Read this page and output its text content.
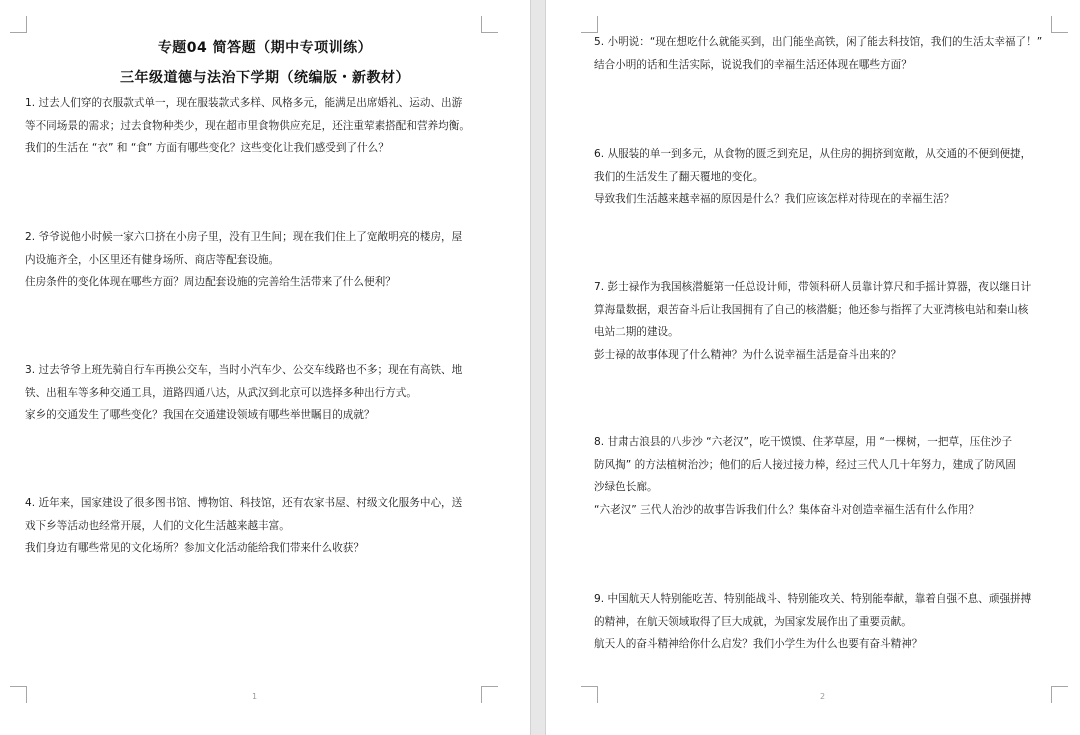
专题04 简答题（期中专项训练）
三年级道德与法治下学期（统编版・新教材）
1. 过去人们穿的衣服款式单一，现在服装款式多样、风格多元，能满足出席婚礼、运动、出游
等不同场景的需求；过去食物种类少，现在超市里食物供应充足，还注重荤素搭配和营养均衡。
我们的生活在 “衣” 和 “食” 方面有哪些变化？这些变化让我们感受到了什么？
2. 爷爷说他小时候一家六口挤在小房子里，没有卫生间；现在我们住上了宽敞明亮的楼房，屋
内设施齐全，小区里还有健身场所、商店等配套设施。
住房条件的变化体现在哪些方面？周边配套设施的完善给生活带来了什么便利？
3. 过去爷爷上班先骑自行车再换公交车，当时小汽车少、公交车线路也不多；现在有高铁、地
铁、出租车等多种交通工具，道路四通八达，从武汉到北京可以选择多种出行方式。
家乡的交通发生了哪些变化？我国在交通建设领域有哪些举世瞩目的成就？
4. 近年来，国家建设了很多图书馆、博物馆、科技馆，还有农家书屋、村级文化服务中心，送
戏下乡等活动也经常开展，人们的文化生活越来越丰富。
我们身边有哪些常见的文化场所？参加文化活动能给我们带来什么收获？
1
5. 小明说：“现在想吃什么就能买到，出门能坐高铁，闲了能去科技馆，我们的生活太幸福了！”
结合小明的话和生活实际，说说我们的幸福生活还体现在哪些方面？
6. 从服装的单一到多元，从食物的匮乏到充足，从住房的拥挤到宽敞，从交通的不便到便捷，
我们的生活发生了翻天覆地的变化。
导致我们生活越来越幸福的原因是什么？我们应该怎样对待现在的幸福生活？
7. 彭士禄作为我国核潜艇第一任总设计师，带领科研人员靠计算尺和手摇计算器，夜以继日计
算海量数据，艰苦奋斗后让我国拥有了自己的核潜艇；他还参与指挥了大亚湾核电站和秦山核
电站二期的建设。
彭士禄的故事体现了什么精神？为什么说幸福生活是奋斗出来的？
8. 甘肃古浪县的八步沙 “六老汉”，吃干馍馍、住茅草屋，用 “一棵树，一把草，压住沙子
防风掏” 的方法植树治沙；他们的后人接过接力棒，经过三代人几十年努力，建成了防风固
沙绿色长廊。
“六老汉” 三代人治沙的故事告诉我们什么？集体奋斗对创造幸福生活有什么作用？
9. 中国航天人特别能吃苦、特别能战斗、特别能攻关、特别能奉献，靠着自强不息、顽强拼搏
的精神，在航天领域取得了巨大成就，为国家发展作出了重要贡献。
航天人的奋斗精神给你什么启发？我们小学生为什么也要有奋斗精神？
2
